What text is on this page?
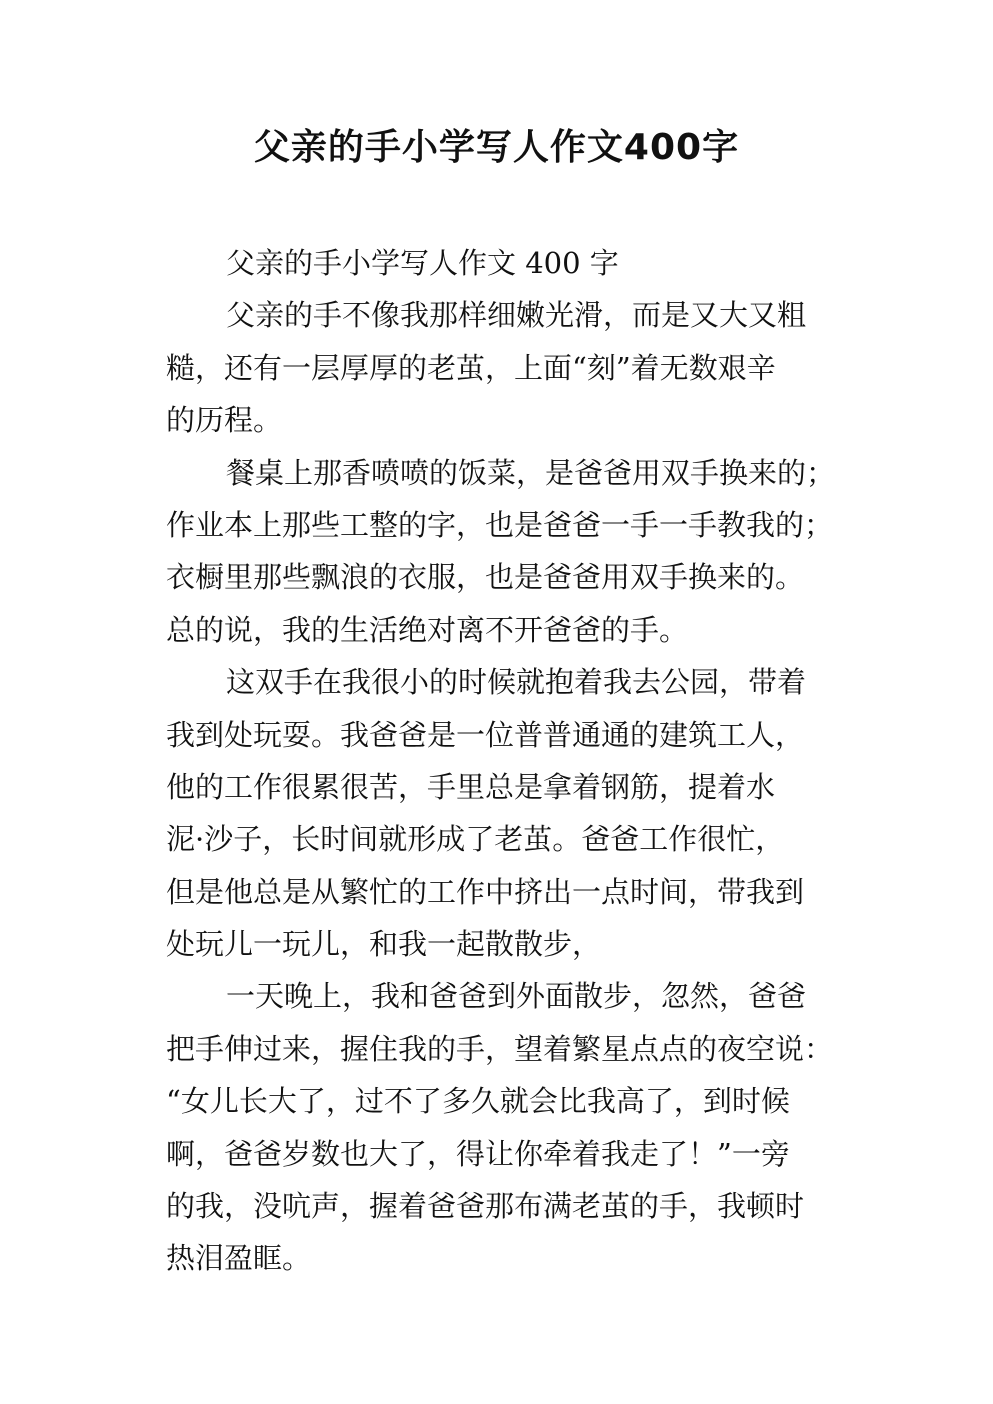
父亲的手小学写人作文400字
父亲的手小学写人作文 400 字
父亲的手不像我那样细嫩光滑，而是又大又粗
糙，还有一层厚厚的老茧，上面“刻”着无数艰辛
的历程。
餐桌上那香喷喷的饭菜，是爸爸用双手换来的；
作业本上那些工整的字，也是爸爸一手一手教我的；
衣橱里那些飘浪的衣服，也是爸爸用双手换来的。
总的说，我的生活绝对离不开爸爸的手。
这双手在我很小的时候就抱着我去公园，带着
我到处玩耍。我爸爸是一位普普通通的建筑工人，
他的工作很累很苦，手里总是拿着钢筋，提着水
泥·沙子，长时间就形成了老茧。爸爸工作很忙，
但是他总是从繁忙的工作中挤出一点时间，带我到
处玩儿一玩儿，和我一起散散步，
一天晚上，我和爸爸到外面散步，忽然，爸爸
把手伸过来，握住我的手，望着繁星点点的夜空说：
“女儿长大了，过不了多久就会比我高了，到时候
啊，爸爸岁数也大了，得让你牵着我走了！”一旁
的我，没吭声，握着爸爸那布满老茧的手，我顿时
热泪盈眶。
